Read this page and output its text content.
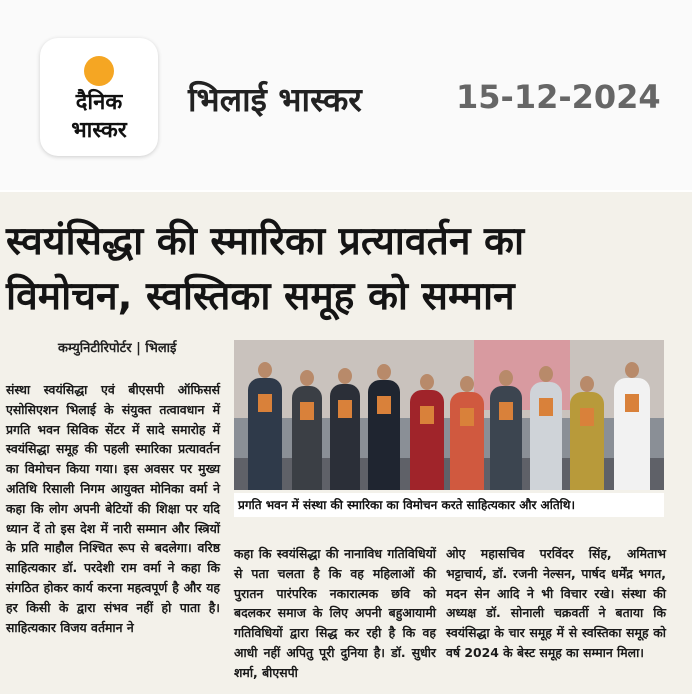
दैनिक
भास्कर
भिलाई भास्कर	15-12-2024
स्वयंसिद्धा की स्मारिका प्रत्यावर्तन का
विमोचन, स्वस्तिका समूह को सम्मान
कम्युनिटीरिपोर्टर | भिलाई
प्रगति भवन में संस्था की स्मारिका का विमोचन करते साहित्यकार और अतिथि।
संस्था स्वयंसिद्धा एवं बीएसपी ऑफिसर्स एसोसिएशन भिलाई के संयुक्त तत्वावधान में प्रगति भवन सिविक सेंटर में सादे समारोह में स्वयंसिद्धा समूह की पहली स्मारिका प्रत्यावर्तन का विमोचन किया गया। इस अवसर पर मुख्य अतिथि रिसाली निगम आयुक्त मोनिका वर्मा ने कहा कि लोग अपनी बेटियों की शिक्षा पर यदि ध्यान दें तो इस देश में नारी सम्मान और स्त्रियों के प्रति माहौल निश्चित रूप से बदलेगा। वरिष्ठ साहित्यकार डॉ. परदेशी राम वर्मा ने कहा कि संगठित होकर कार्य करना महत्वपूर्ण है और यह हर किसी के द्वारा संभव नहीं हो पाता है। साहित्यकार विजय वर्तमान ने
कहा कि स्वयंसिद्धा की नानाविध गतिविधियों से पता चलता है कि वह महिलाओं की पुरातन पारंपरिक नकारात्मक छवि को बदलकर समाज के लिए अपनी बहुआयामी गतिविधियों द्वारा सिद्ध कर रही है कि वह आधी नहीं अपितु पूरी दुनिया है। डॉ. सुधीर शर्मा, बीएसपी
ओए महासचिव परविंदर सिंह, अमिताभ भट्टाचार्य, डॉ. रजनी नेल्सन, पार्षद धर्मेंद्र भगत, मदन सेन आदि ने भी विचार रखे। संस्था की अध्यक्ष डॉ. सोनाली चक्रवर्ती ने बताया कि स्वयंसिद्धा के चार समूह में से स्वस्तिका समूह को वर्ष 2024 के बेस्ट समूह का सम्मान मिला।
